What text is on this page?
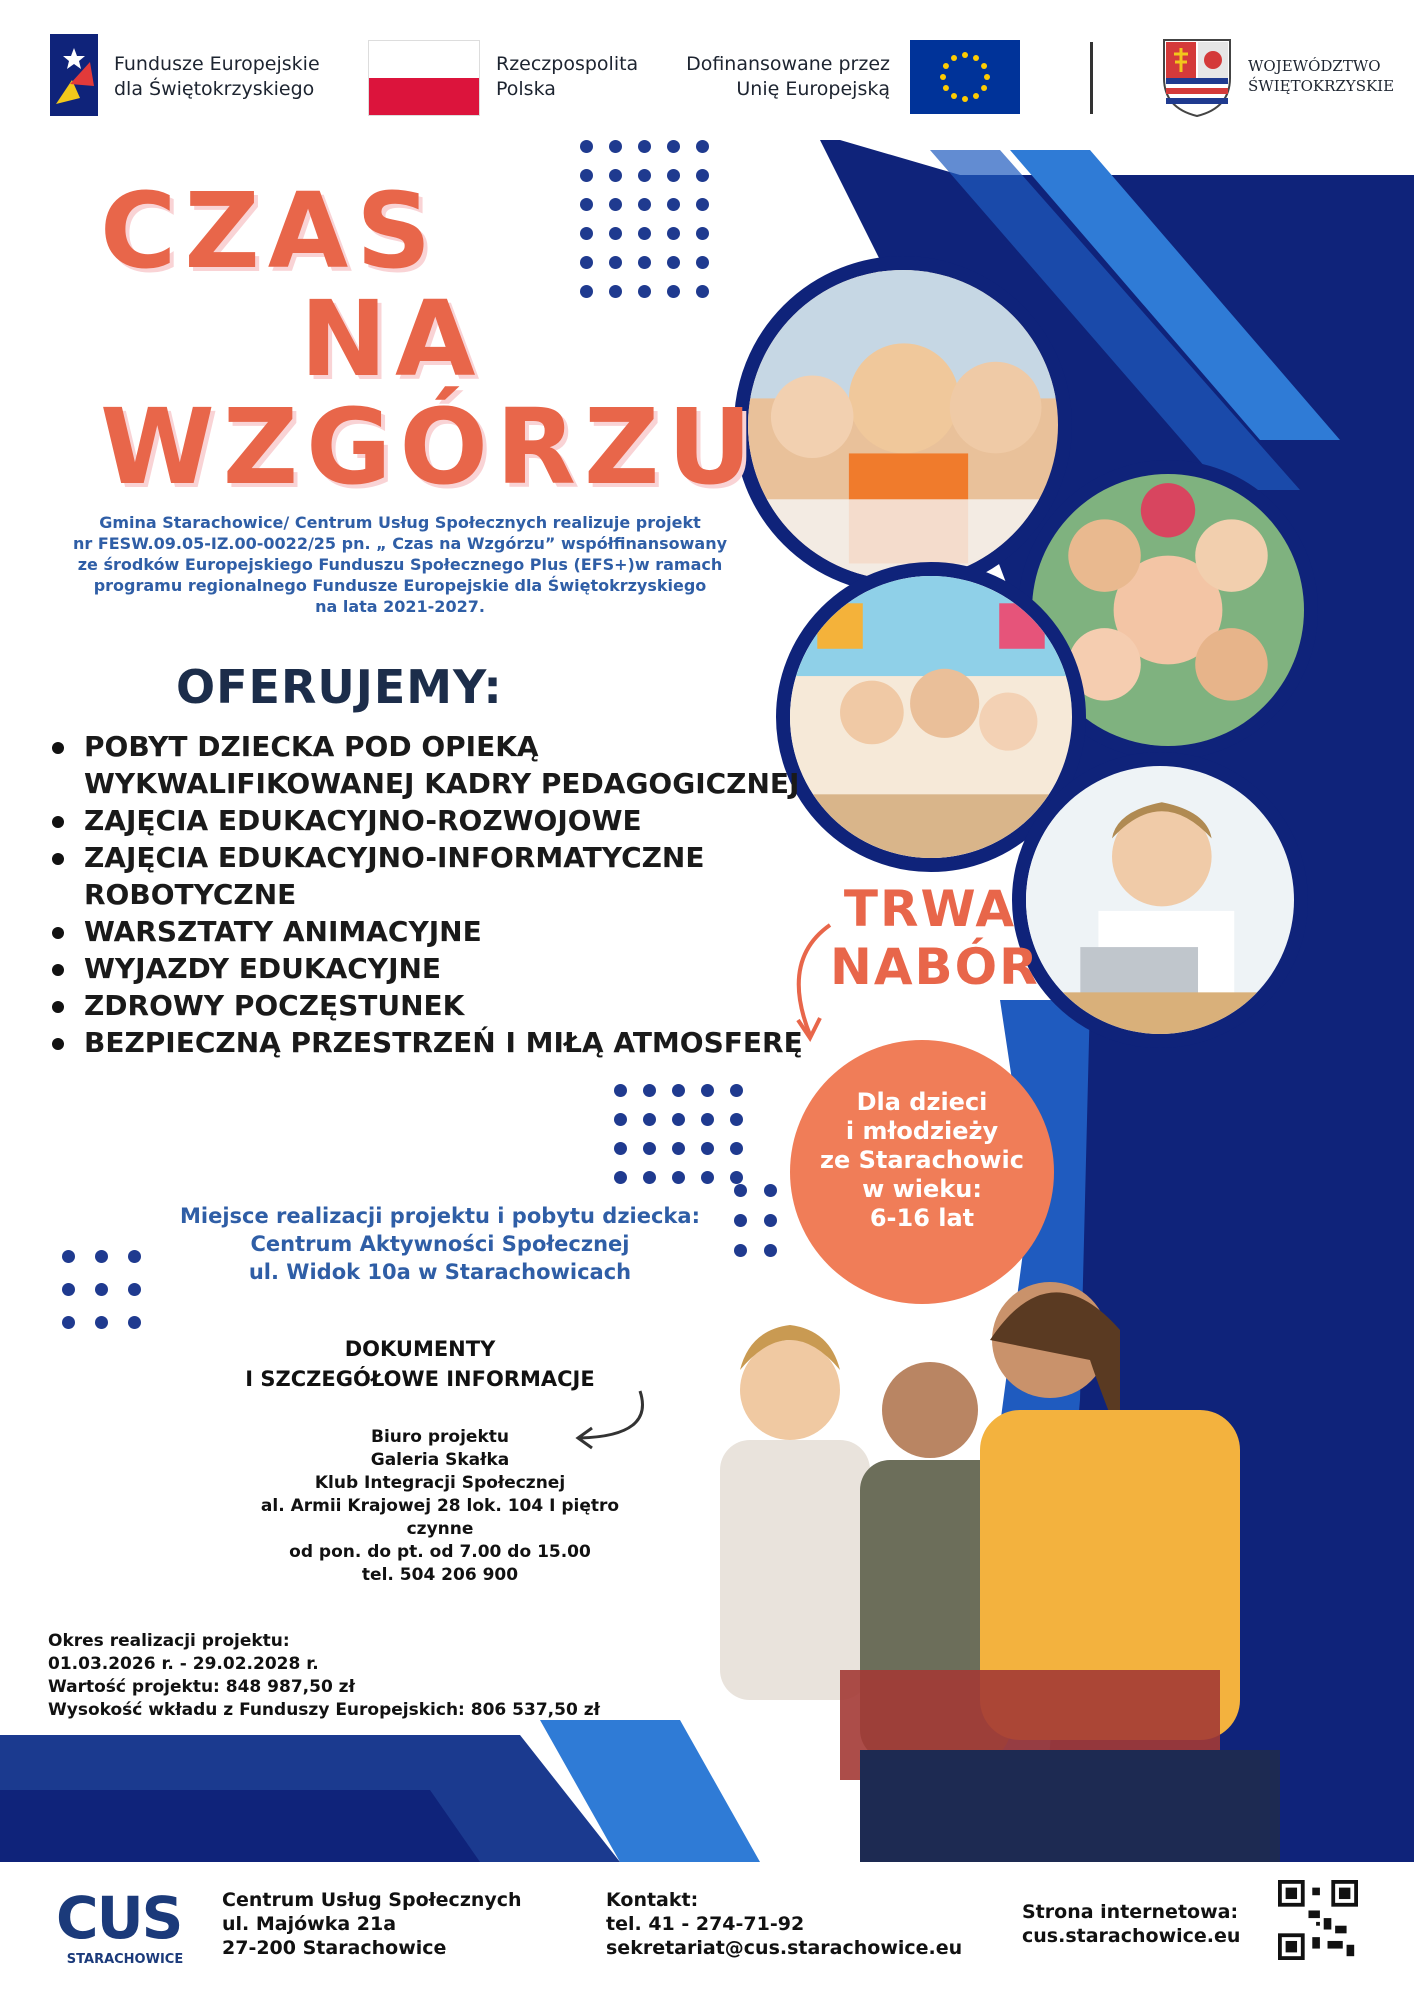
Fundusze Europejskie
dla Świętokrzyskiego
Rzeczpospolita
Polska
Dofinansowane przez
Unię Europejską
WOJEWÓDZTWO
ŚWIĘTOKRZYSKIE
CZAS
NA
WZGÓRZU
Gmina Starachowice/ Centrum Usług Społecznych realizuje projekt
nr FESW.09.05-IZ.00-0022/25 pn. „ Czas na Wzgórzu” współfinansowany
ze środków Europejskiego Funduszu Społecznego Plus (EFS+)w ramach
programu regionalnego Fundusze Europejskie dla Świętokrzyskiego
na lata 2021-2027.
OFERUJEMY:
POBYT DZIECKA POD OPIEKĄ WYKWALIFIKOWANEJ KADRY PEDAGOGICZNEJ
ZAJĘCIA EDUKACYJNO-ROZWOJOWE
ZAJĘCIA EDUKACYJNO-INFORMATYCZNE ROBOTYCZNE
WARSZTATY ANIMACYJNE
WYJAZDY EDUKACYJNE
ZDROWY POCZĘSTUNEK
BEZPIECZNĄ PRZESTRZEŃ I MIŁĄ ATMOSFERĘ
TRWA
NABÓR
Dla dzieci
i młodzieży
ze Starachowic
w wieku:
6-16 lat
Miejsce realizacji projektu i pobytu dziecka:
Centrum Aktywności Społecznej
ul. Widok 10a w Starachowicach
DOKUMENTY
I SZCZEGÓŁOWE INFORMACJE
Biuro projektu
Galeria Skałka
Klub Integracji Społecznej
al. Armii Krajowej 28 lok. 104 I piętro
czynne
od pon. do pt. od 7.00 do 15.00
tel. 504 206 900
Okres realizacji projektu:
01.03.2026 r. - 29.02.2028 r.
Wartość projektu: 848 987,50 zł
Wysokość wkładu z Funduszy Europejskich: 806 537,50 zł
CUS
STARACHOWICE
Centrum Usług Społecznych
ul. Majówka 21a
27-200 Starachowice
Kontakt:
tel. 41 - 274-71-92
sekretariat@cus.starachowice.eu
Strona internetowa:
cus.starachowice.eu
